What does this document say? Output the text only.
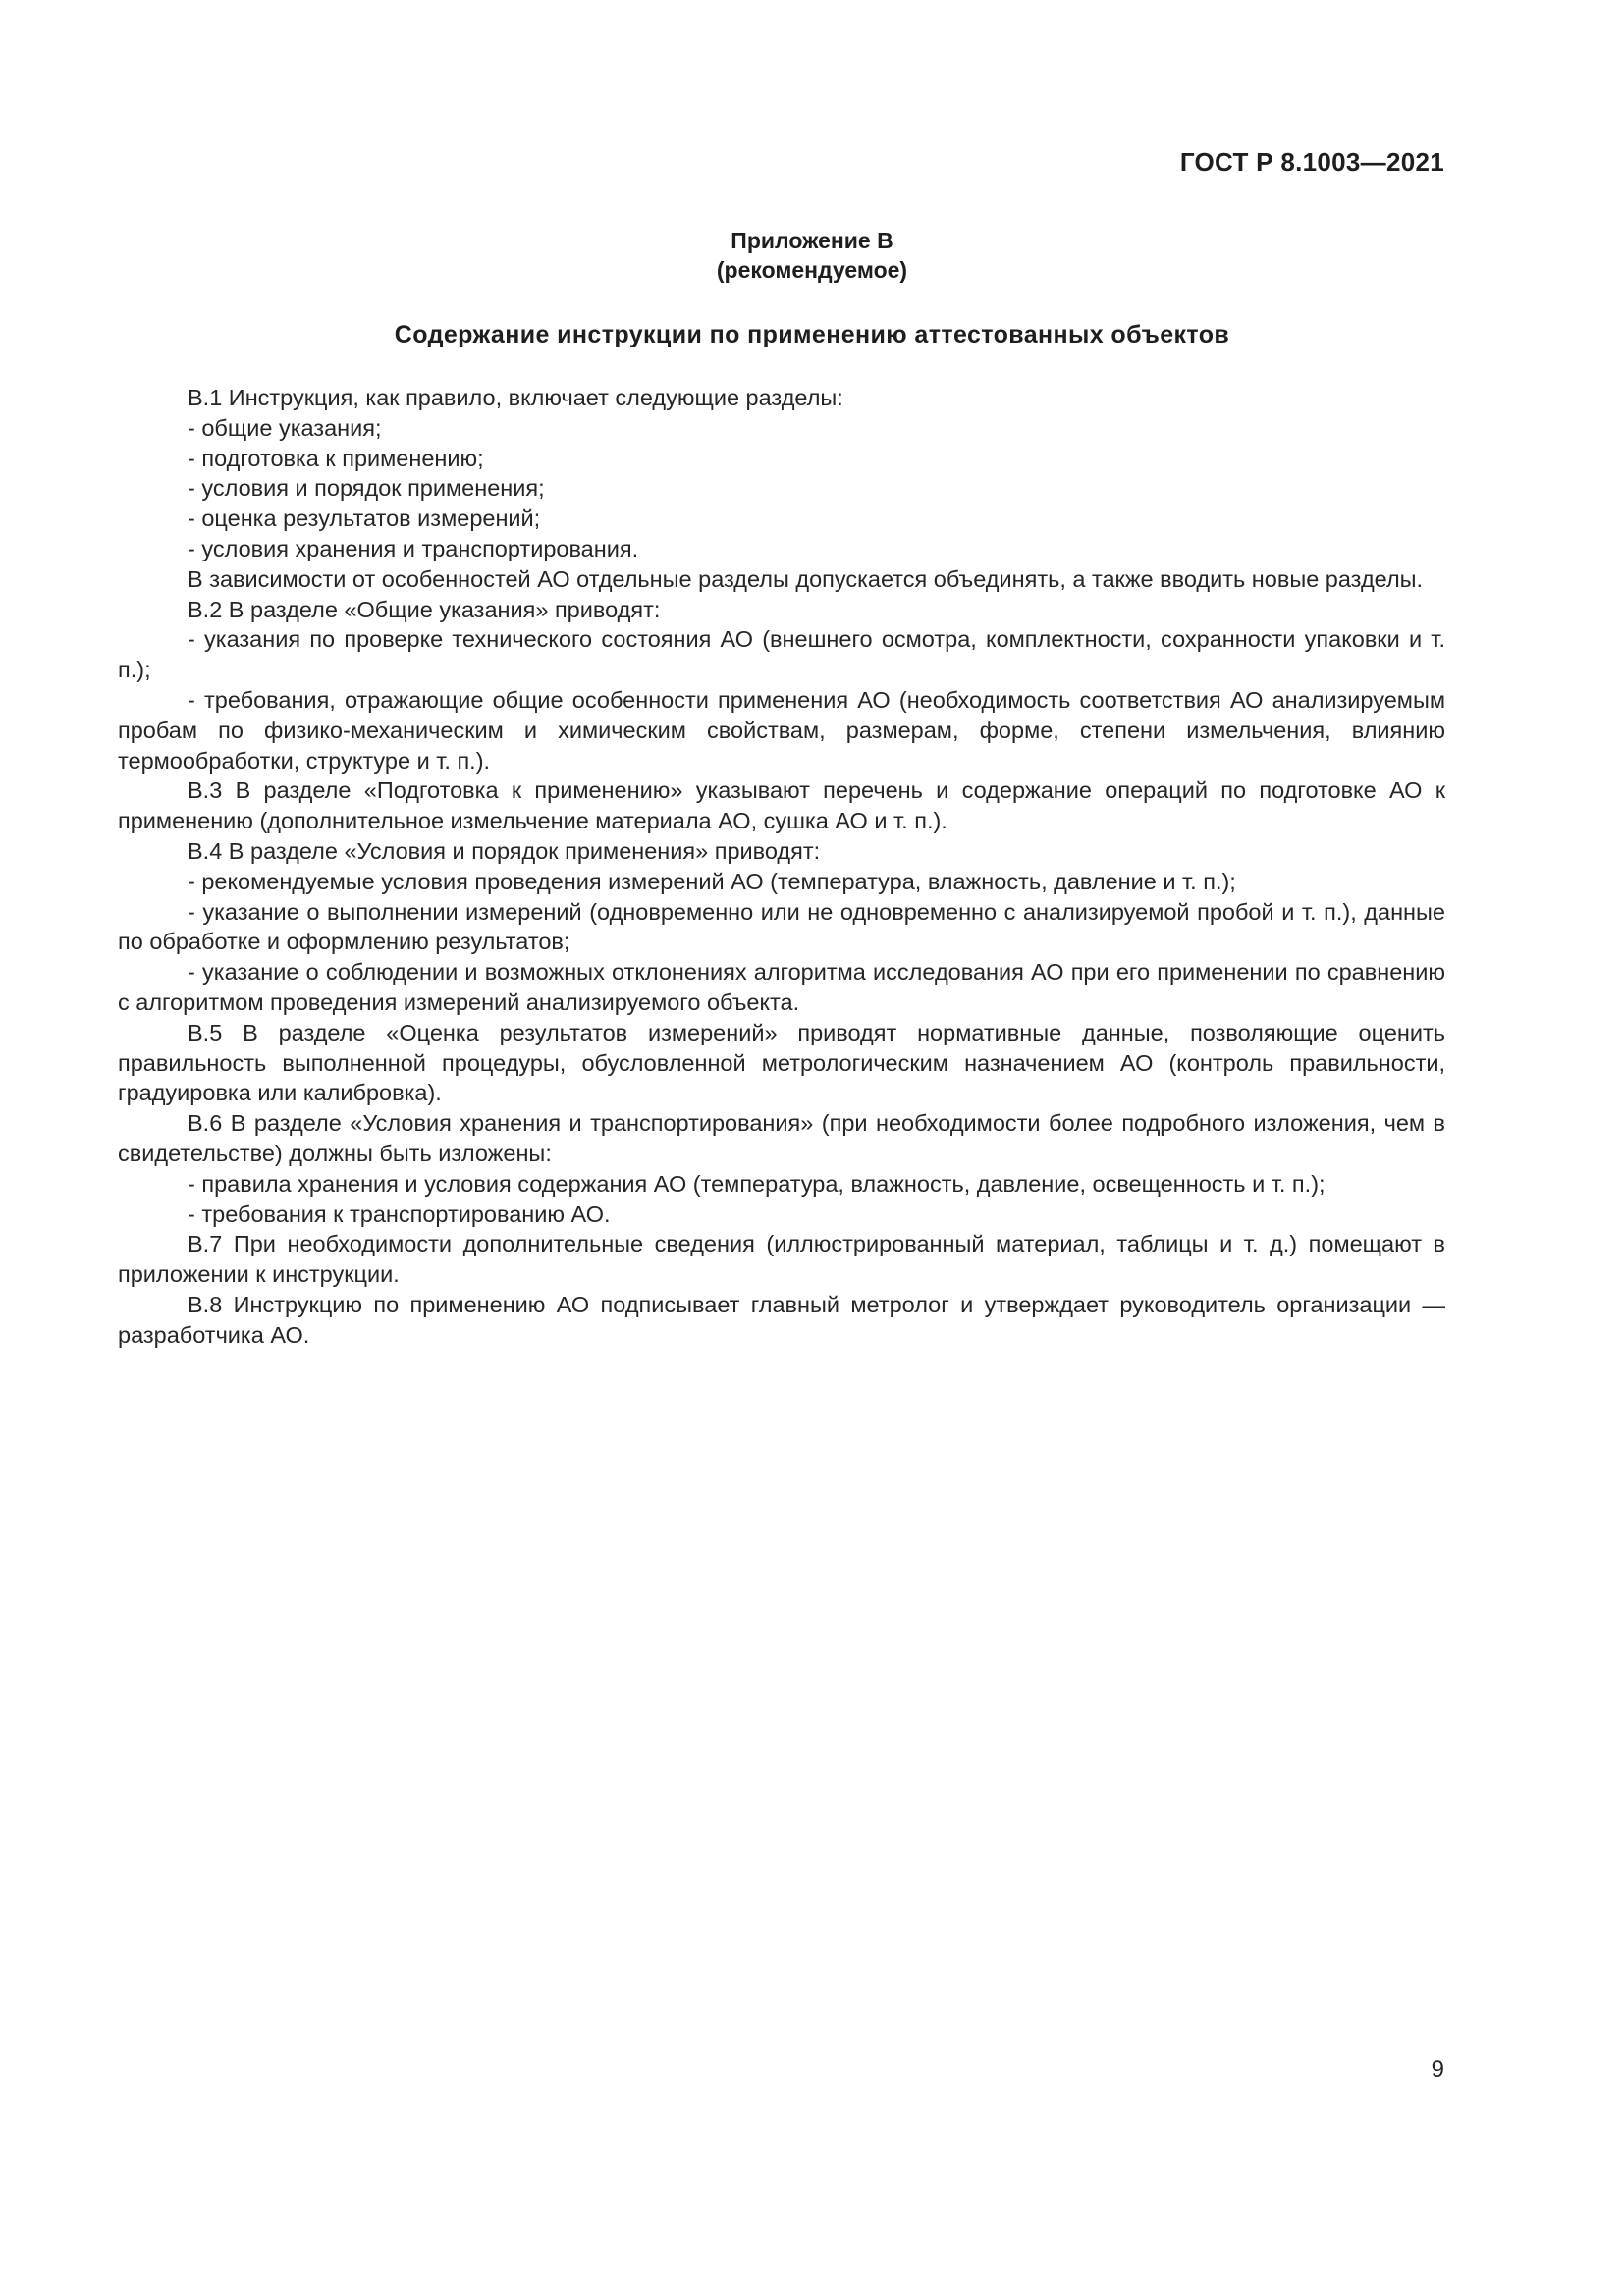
ГОСТ Р 8.1003—2021
Приложение В
(рекомендуемое)
Содержание инструкции по применению аттестованных объектов

В.1 Инструкция, как правило, включает следующие разделы:

- общие указания;

- подготовка к применению;

- условия и порядок применения;

- оценка результатов измерений;

- условия хранения и транспортирования.

В зависимости от особенностей АО отдельные разделы допускается объединять, а также вводить новые разделы.

В.2 В разделе «Общие указания» приводят:

- указания по проверке технического состояния АО (внешнего осмотра, комплектности, сохранности упаковки и т. п.);

- требования, отражающие общие особенности применения АО (необходимость соответствия АО анализируемым пробам по физико-механическим и химическим свойствам, размерам, форме, степени измельчения, влиянию термообработки, структуре и т. п.).

В.3 В разделе «Подготовка к применению» указывают перечень и содержание операций по подготовке АО к применению (дополнительное измельчение материала АО, сушка АО и т. п.).

В.4 В разделе «Условия и порядок применения» приводят:

- рекомендуемые условия проведения измерений АО (температура, влажность, давление и т. п.);

- указание о выполнении измерений (одновременно или не одновременно с анализируемой пробой и т. п.), данные по обработке и оформлению результатов;

- указание о соблюдении и возможных отклонениях алгоритма исследования АО при его применении по сравнению с алгоритмом проведения измерений анализируемого объекта.

В.5 В разделе «Оценка результатов измерений» приводят нормативные данные, позволяющие оценить правильность выполненной процедуры, обусловленной метрологическим назначением АО (контроль правильности, градуировка или калибровка).

В.6 В разделе «Условия хранения и транспортирования» (при необходимости более подробного изложения, чем в свидетельстве) должны быть изложены:

- правила хранения и условия содержания АО (температура, влажность, давление, освещенность и т. п.);

- требования к транспортированию АО.

В.7 При необходимости дополнительные сведения (иллюстрированный материал, таблицы и т. д.) помещают в приложении к инструкции.

В.8 Инструкцию по применению АО подписывает главный метролог и утверждает руководитель организации — разработчика АО.

9
